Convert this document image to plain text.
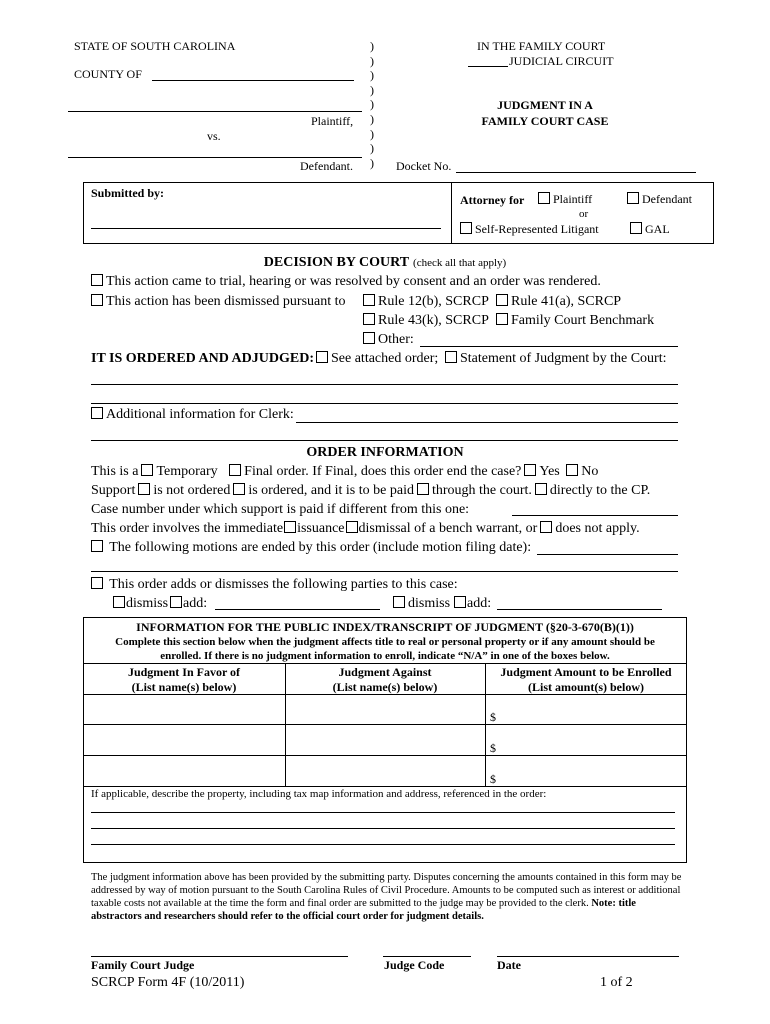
STATE OF SOUTH CAROLINA
COUNTY OF
Plaintiff,
vs.
Defendant.
)
)
)
)
)
)
)
)
)
IN THE FAMILY COURT
JUDICIAL CIRCUIT
JUDGMENT IN A
FAMILY COURT CASE
Docket No.
Submitted by:	Attorney for	Plaintiff	Defendant
or
Self-Represented Litigant	GAL
DECISION BY COURT (check all that apply)
This action came to trial, hearing or was resolved by consent and an order was rendered.
This action has been dismissed pursuant to	Rule 12(b), SCRCP	Rule 41(a), SCRCP
Rule 43(k), SCRCP	Family Court Benchmark
Other:
IT IS ORDERED AND ADJUDGED:	See attached order;	Statement of Judgment by the Court:
Additional information for Clerk:
ORDER INFORMATION
This is a Temporary Final order. If Final, does this order end the case? Yes No
Support is not ordered is ordered, and it is to be paid through the court. directly to the CP.
Case number under which support is paid if different from this one:
This order involves the immediate issuance dismissal of a bench warrant, or does not apply.
The following motions are ended by this order (include motion filing date):
This order adds or dismisses the following parties to this case:
dismiss add:	dismiss add:
INFORMATION FOR THE PUBLIC INDEX/TRANSCRIPT OF JUDGMENT (§20-3-670(B)(1))
Complete this section below when the judgment affects title to real or personal property or if any amount should be
enrolled. If there is no judgment information to enroll, indicate “N/A” in one of the boxes below.
Judgment In Favor of
(List name(s) below)
Judgment Against
(List name(s) below)
Judgment Amount to be Enrolled
(List amount(s) below)
$
$
$
If applicable, describe the property, including tax map information and address, referenced in the order:
The judgment information above has been provided by the submitting party. Disputes concerning the amounts contained in this form may be addressed by way of motion pursuant to the South Carolina Rules of Civil Procedure. Amounts to be computed such as interest or additional taxable costs not available at the time the form and final order are submitted to the judge may be provided to the clerk. Note: title abstractors and researchers should refer to the official court order for judgment details.
Family Court Judge	Judge Code	Date
SCRCP Form 4F (10/2011)	1 of 2
